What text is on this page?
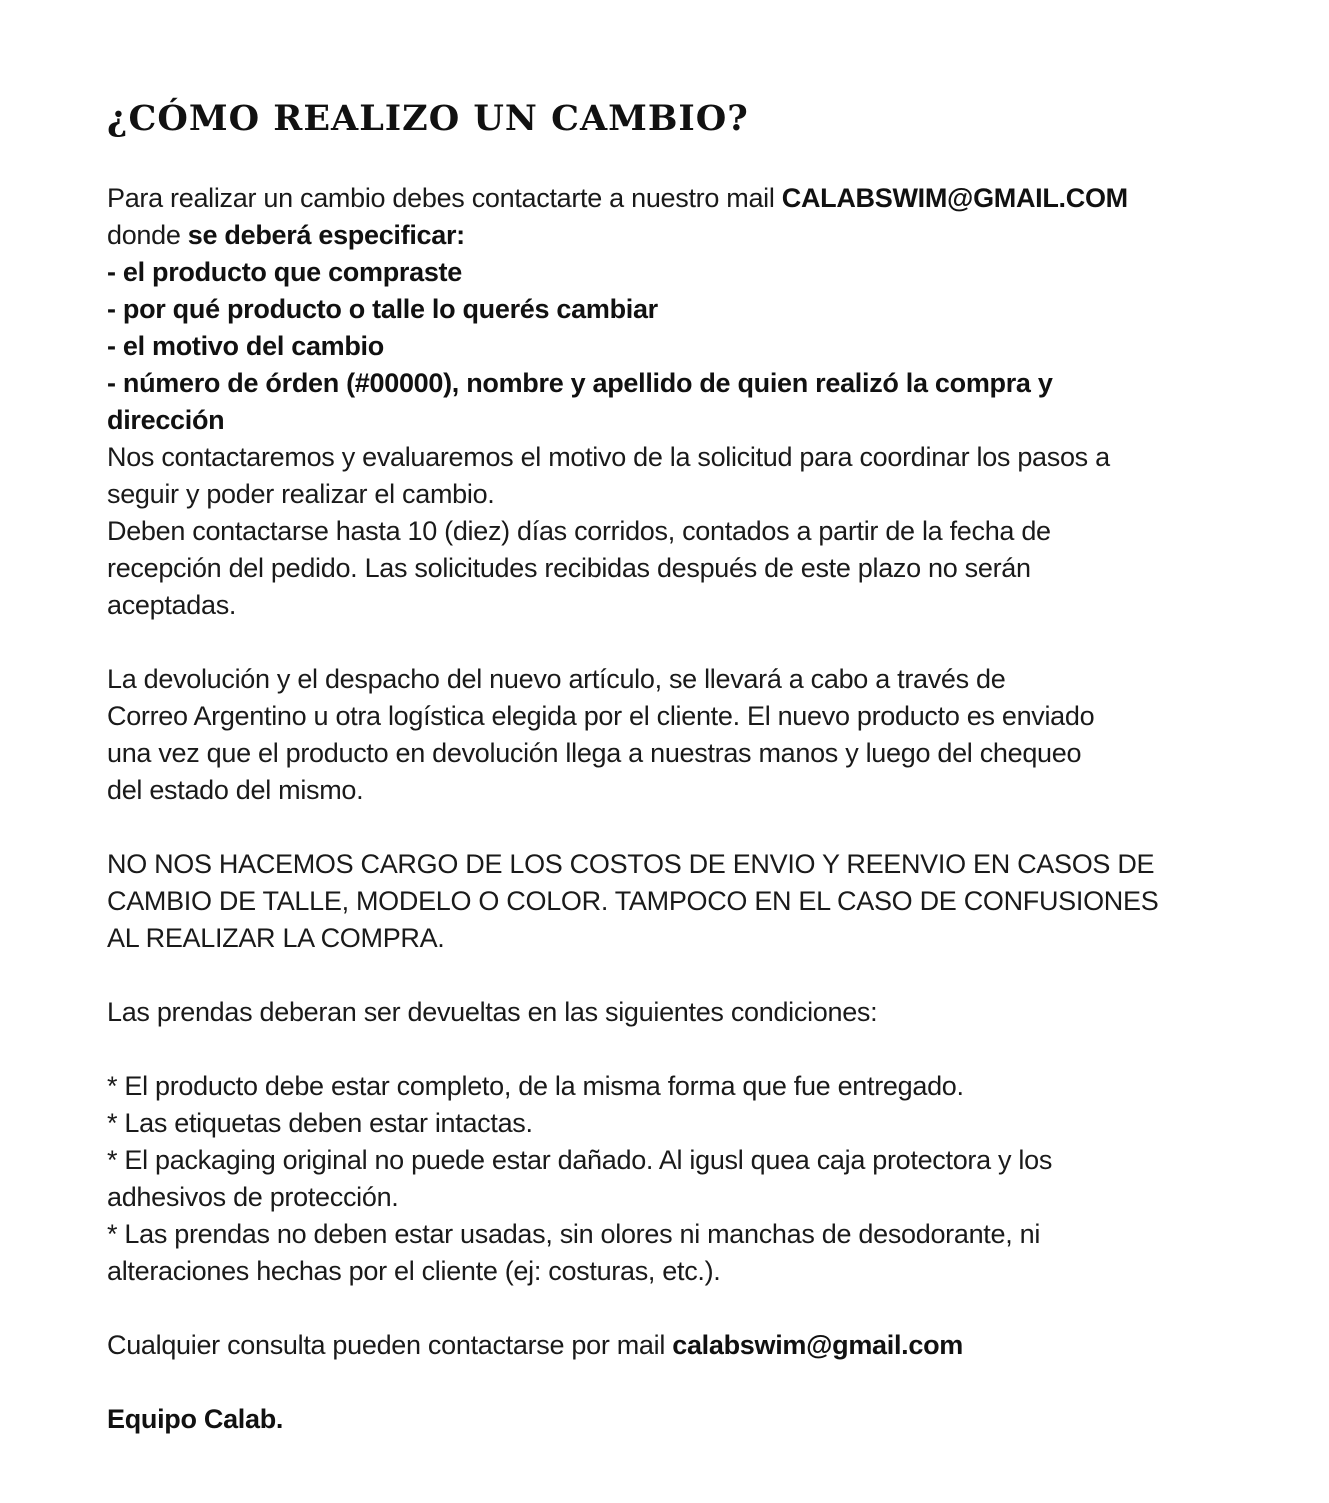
¿CÓMO REALIZO UN CAMBIO?
Para realizar un cambio debes contactarte a nuestro mail CALABSWIM@GMAIL.COM
donde se deberá especificar:
- el producto que compraste
- por qué producto o talle lo querés cambiar
- el motivo del cambio
- número de órden (#00000), nombre y apellido de quien realizó la compra y
dirección
Nos contactaremos y evaluaremos el motivo de la solicitud para coordinar los pasos a
seguir y poder realizar el cambio.
Deben contactarse hasta 10 (diez) días corridos, contados a partir de la fecha de
recepción del pedido. Las solicitudes recibidas después de este plazo no serán
aceptadas.
La devolución y el despacho del nuevo artículo, se llevará a cabo a través de
Correo Argentino u otra logística elegida por el cliente. El nuevo producto es enviado
una vez que el producto en devolución llega a nuestras manos y luego del chequeo
del estado del mismo.
NO NOS HACEMOS CARGO DE LOS COSTOS DE ENVIO Y REENVIO EN CASOS DE
CAMBIO DE TALLE, MODELO O COLOR. TAMPOCO EN EL CASO DE CONFUSIONES
AL REALIZAR LA COMPRA.
Las prendas deberan ser devueltas en las siguientes condiciones:
* El producto debe estar completo, de la misma forma que fue entregado.
* Las etiquetas deben estar intactas.
* El packaging original no puede estar dañado. Al igusl quea caja protectora y los
adhesivos de protección.
* Las prendas no deben estar usadas, sin olores ni manchas de desodorante, ni
alteraciones hechas por el cliente (ej: costuras, etc.).
Cualquier consulta pueden contactarse por mail calabswim@gmail.com
Equipo Calab.
